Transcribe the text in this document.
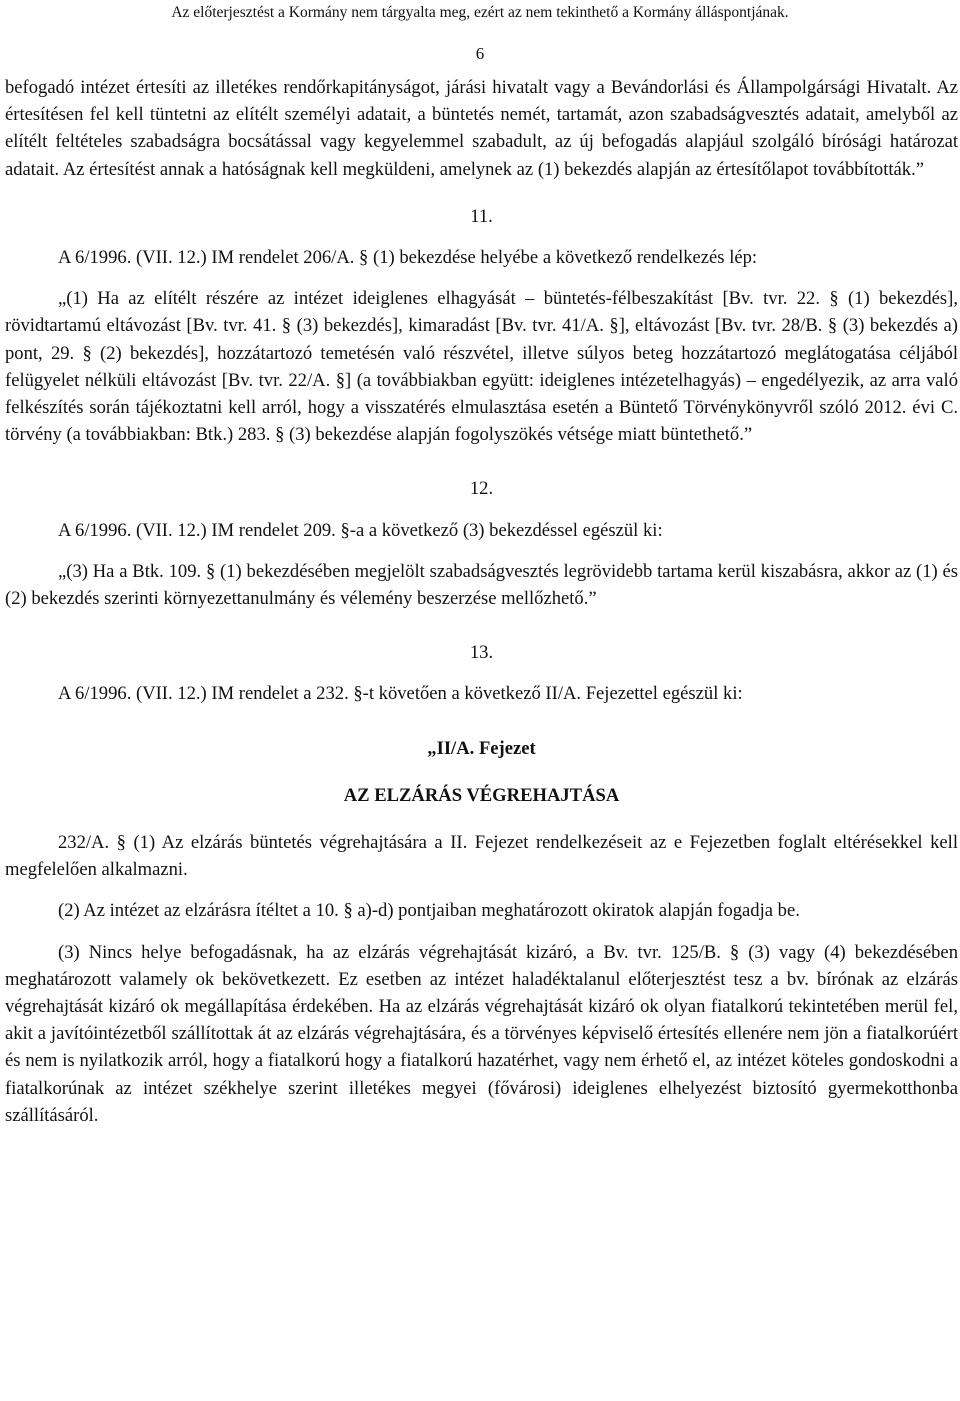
Az előterjesztést a Kormány nem tárgyalta meg, ezért az nem tekinthető a Kormány álláspontjának.
6

befogadó intézet értesíti az illetékes rendőrkapitányságot, járási hivatalt vagy a Bevándorlási és Állampolgársági Hivatalt. Az értesítésen fel kell tüntetni az elítélt személyi adatait, a büntetés nemét, tartamát, azon szabadságvesztés adatait, amelyből az elítélt feltételes szabadságra bocsátással vagy kegyelemmel szabadult, az új befogadás alapjául szolgáló bírósági határozat adatait. Az értesítést annak a hatóságnak kell megküldeni, amelynek az (1) bekezdés alapján az értesítőlapot továbbították.”

11.

A 6/1996. (VII. 12.) IM rendelet 206/A. § (1) bekezdése helyébe a következő rendelkezés lép:

„(1) Ha az elítélt részére az intézet ideiglenes elhagyását ‒ büntetés-félbeszakítást [Bv. tvr. 22. § (1) bekezdés], rövidtartamú eltávozást [Bv. tvr. 41. § (3) bekezdés], kimaradást [Bv. tvr. 41/A. §], eltávozást [Bv. tvr. 28/B. § (3) bekezdés a) pont, 29. § (2) bekezdés], hozzátartozó temetésén való részvétel, illetve súlyos beteg hozzátartozó meglátogatása céljából felügyelet nélküli eltávozást [Bv. tvr. 22/A. §] (a továbbiakban együtt: ideiglenes intézetelhagyás) ‒ engedélyezik, az arra való felkészítés során tájékoztatni kell arról, hogy a visszatérés elmulasztása esetén a Büntető Törvénykönyvről szóló 2012. évi C. törvény (a továbbiakban: Btk.) 283. § (3) bekezdése alapján fogolyszökés vétsége miatt büntethető.”

12.

A 6/1996. (VII. 12.) IM rendelet 209. §-a a következő (3) bekezdéssel egészül ki:

„(3) Ha a Btk. 109. § (1) bekezdésében megjelölt szabadságvesztés legrövidebb tartama kerül kiszabásra, akkor az (1) és (2) bekezdés szerinti környezettanulmány és vélemény beszerzése mellőzhető.”

13.

A 6/1996. (VII. 12.) IM rendelet a 232. §-t követően a következő II/A. Fejezettel egészül ki:

„II/A. Fejezet

AZ ELZÁRÁS VÉGREHAJTÁSA

232/A. § (1) Az elzárás büntetés végrehajtására a II. Fejezet rendelkezéseit az e Fejezetben foglalt eltérésekkel kell megfelelően alkalmazni.

(2) Az intézet az elzárásra ítéltet a 10. § a)-d) pontjaiban meghatározott okiratok alapján fogadja be.

(3) Nincs helye befogadásnak, ha az elzárás végrehajtását kizáró, a Bv. tvr. 125/B. § (3) vagy (4) bekezdésében meghatározott valamely ok bekövetkezett. Ez esetben az intézet haladéktalanul előterjesztést tesz a bv. bírónak az elzárás végrehajtását kizáró ok megállapítása érdekében. Ha az elzárás végrehajtását kizáró ok olyan fiatalkorú tekintetében merül fel, akit a javítóintézetből szállítottak át az elzárás végrehajtására, és a törvényes képviselő értesítés ellenére nem jön a fiatalkorúért és nem is nyilatkozik arról, hogy a fiatalkorú hogy a fiatalkorú hazatérhet, vagy nem érhető el, az intézet köteles gondoskodni a fiatalkorúnak az intézet székhelye szerint illetékes megyei (fővárosi) ideiglenes elhelyezést biztosító gyermekotthonba szállításáról.
